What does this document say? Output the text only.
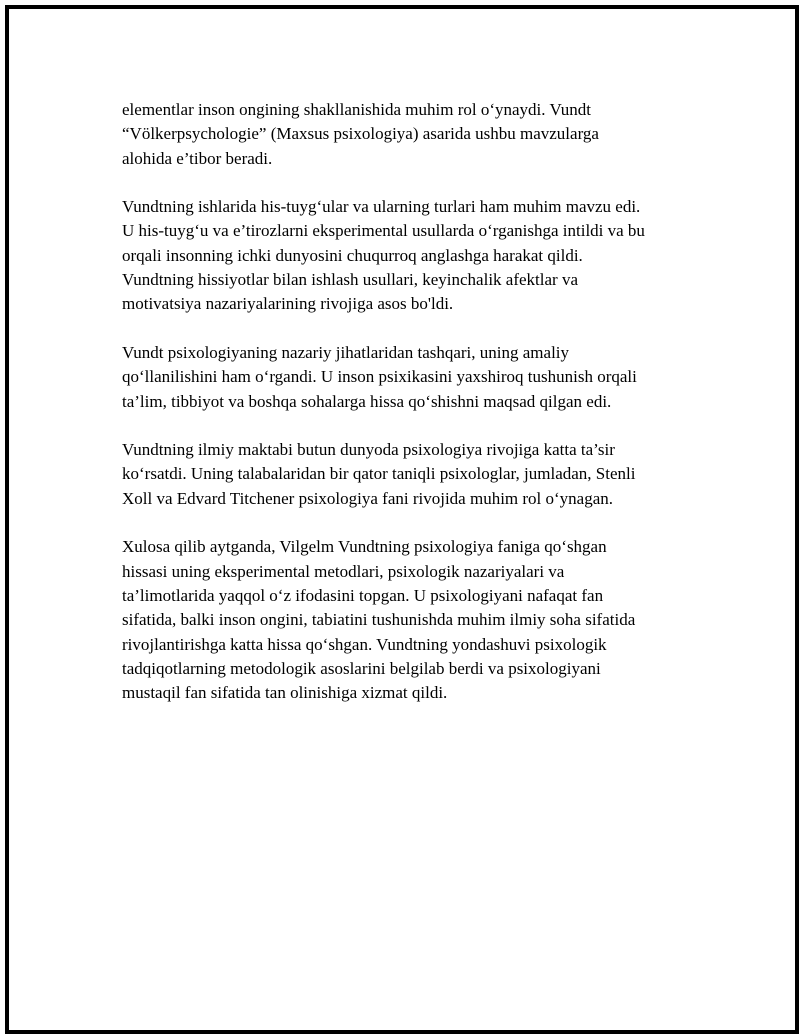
elementlar inson ongining shakllanishida muhim rol o‘ynaydi. Vundt
“Völkerpsychologie” (Maxsus psixologiya) asarida ushbu mavzularga
alohida e’tibor beradi.

Vundtning ishlarida his-tuyg‘ular va ularning turlari ham muhim mavzu edi.
U his-tuyg‘u va e’tirozlarni eksperimental usullarda o‘rganishga intildi va bu
orqali insonning ichki dunyosini chuqurroq anglashga harakat qildi.
Vundtning hissiyotlar bilan ishlash usullari, keyinchalik afektlar va
motivatsiya nazariyalarining rivojiga asos bo'ldi.

Vundt psixologiyaning nazariy jihatlaridan tashqari, uning amaliy
qo‘llanilishini ham o‘rgandi. U inson psixikasini yaxshiroq tushunish orqali
ta’lim, tibbiyot va boshqa sohalarga hissa qo‘shishni maqsad qilgan edi.

Vundtning ilmiy maktabi butun dunyoda psixologiya rivojiga katta ta’sir
ko‘rsatdi. Uning talabalaridan bir qator taniqli psixologlar, jumladan, Stenli
Xoll va Edvard Titchener psixologiya fani rivojida muhim rol o‘ynagan.

Xulosa qilib aytganda, Vilgelm Vundtning psixologiya faniga qo‘shgan
hissasi uning eksperimental metodlari, psixologik nazariyalari va
ta’limotlarida yaqqol o‘z ifodasini topgan. U psixologiyani nafaqat fan
sifatida, balki inson ongini, tabiatini tushunishda muhim ilmiy soha sifatida
rivojlantirishga katta hissa qo‘shgan. Vundtning yondashuvi psixologik
tadqiqotlarning metodologik asoslarini belgilab berdi va psixologiyani
mustaqil fan sifatida tan olinishiga xizmat qildi.
